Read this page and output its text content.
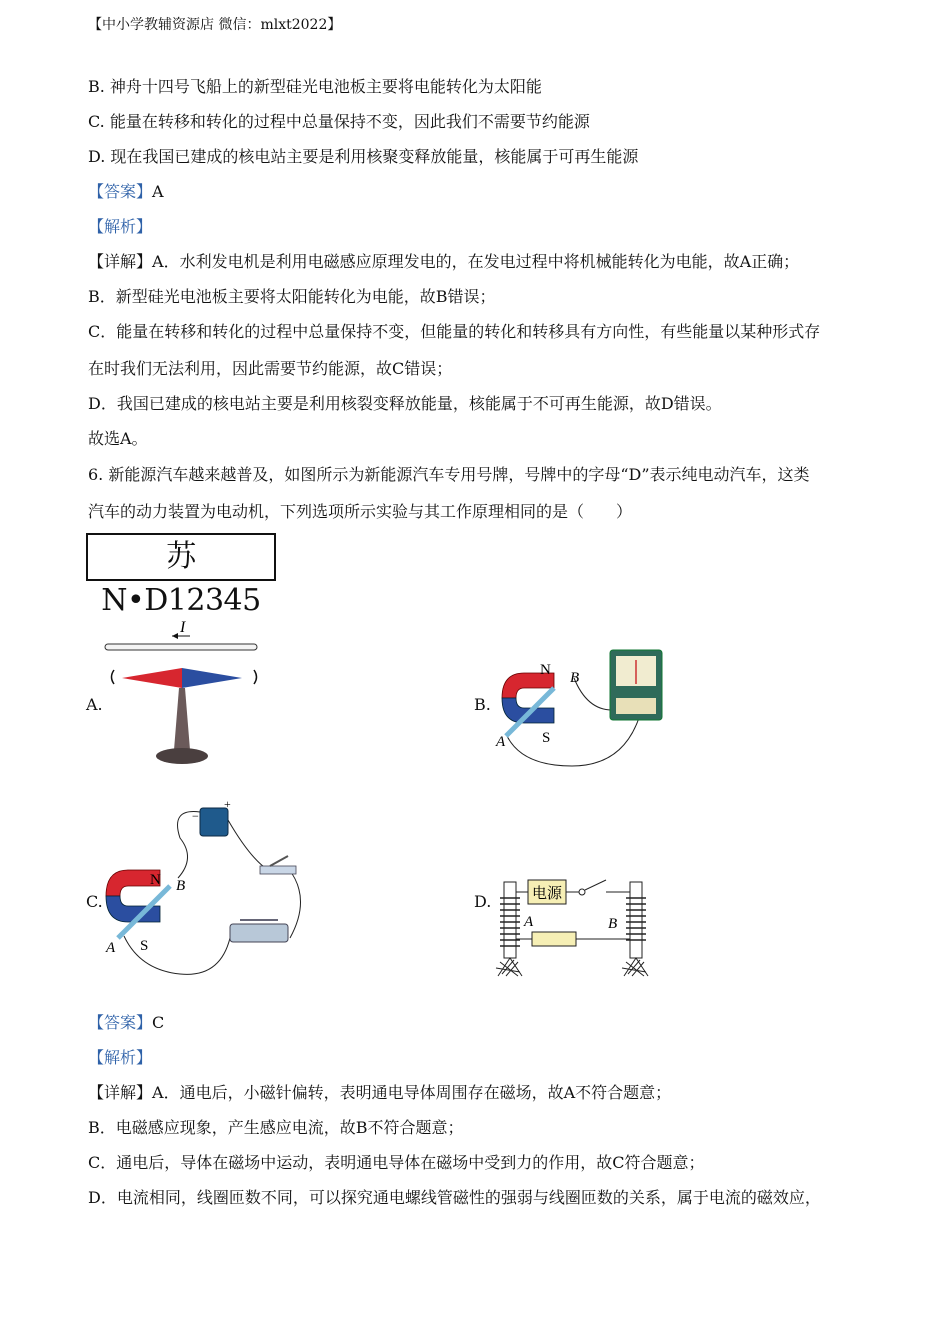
【中小学教辅资源店 微信：mlxt2022】
B. 神舟十四号飞船上的新型硅光电池板主要将电能转化为太阳能
C. 能量在转移和转化的过程中总量保持不变，因此我们不需要节约能源
D. 现在我国已建成的核电站主要是利用核聚变释放能量，核能属于可再生能源
【答案】A
【解析】
【详解】A．水利发电机是利用电磁感应原理发电的，在发电过程中将机械能转化为电能，故A正确；
B．新型硅光电池板主要将太阳能转化为电能，故B错误；
C．能量在转移和转化的过程中总量保持不变，但能量的转化和转移具有方向性，有些能量以某种形式存
在时我们无法利用，因此需要节约能源，故C错误；
D．我国已建成的核电站主要是利用核裂变释放能量，核能属于不可再生能源，故D错误。
故选A。
6. 新能源汽车越来越普及，如图所示为新能源汽车专用号牌，号牌中的字母“D”表示纯电动汽车，这类
汽车的动力装置为电动机，下列选项所示实验与其工作原理相同的是（　　）
苏N•D12345
A.
I
B.
N
S
A
B
C.
+
−
N
S
A
B
D.	电源
A	B
【答案】C
【解析】
【详解】A．通电后，小磁针偏转，表明通电导体周围存在磁场，故A不符合题意；
B．电磁感应现象，产生感应电流，故B不符合题意；
C．通电后，导体在磁场中运动，表明通电导体在磁场中受到力的作用，故C符合题意；
D．电流相同，线圈匝数不同，可以探究通电螺线管磁性的强弱与线圈匝数的关系，属于电流的磁效应，
